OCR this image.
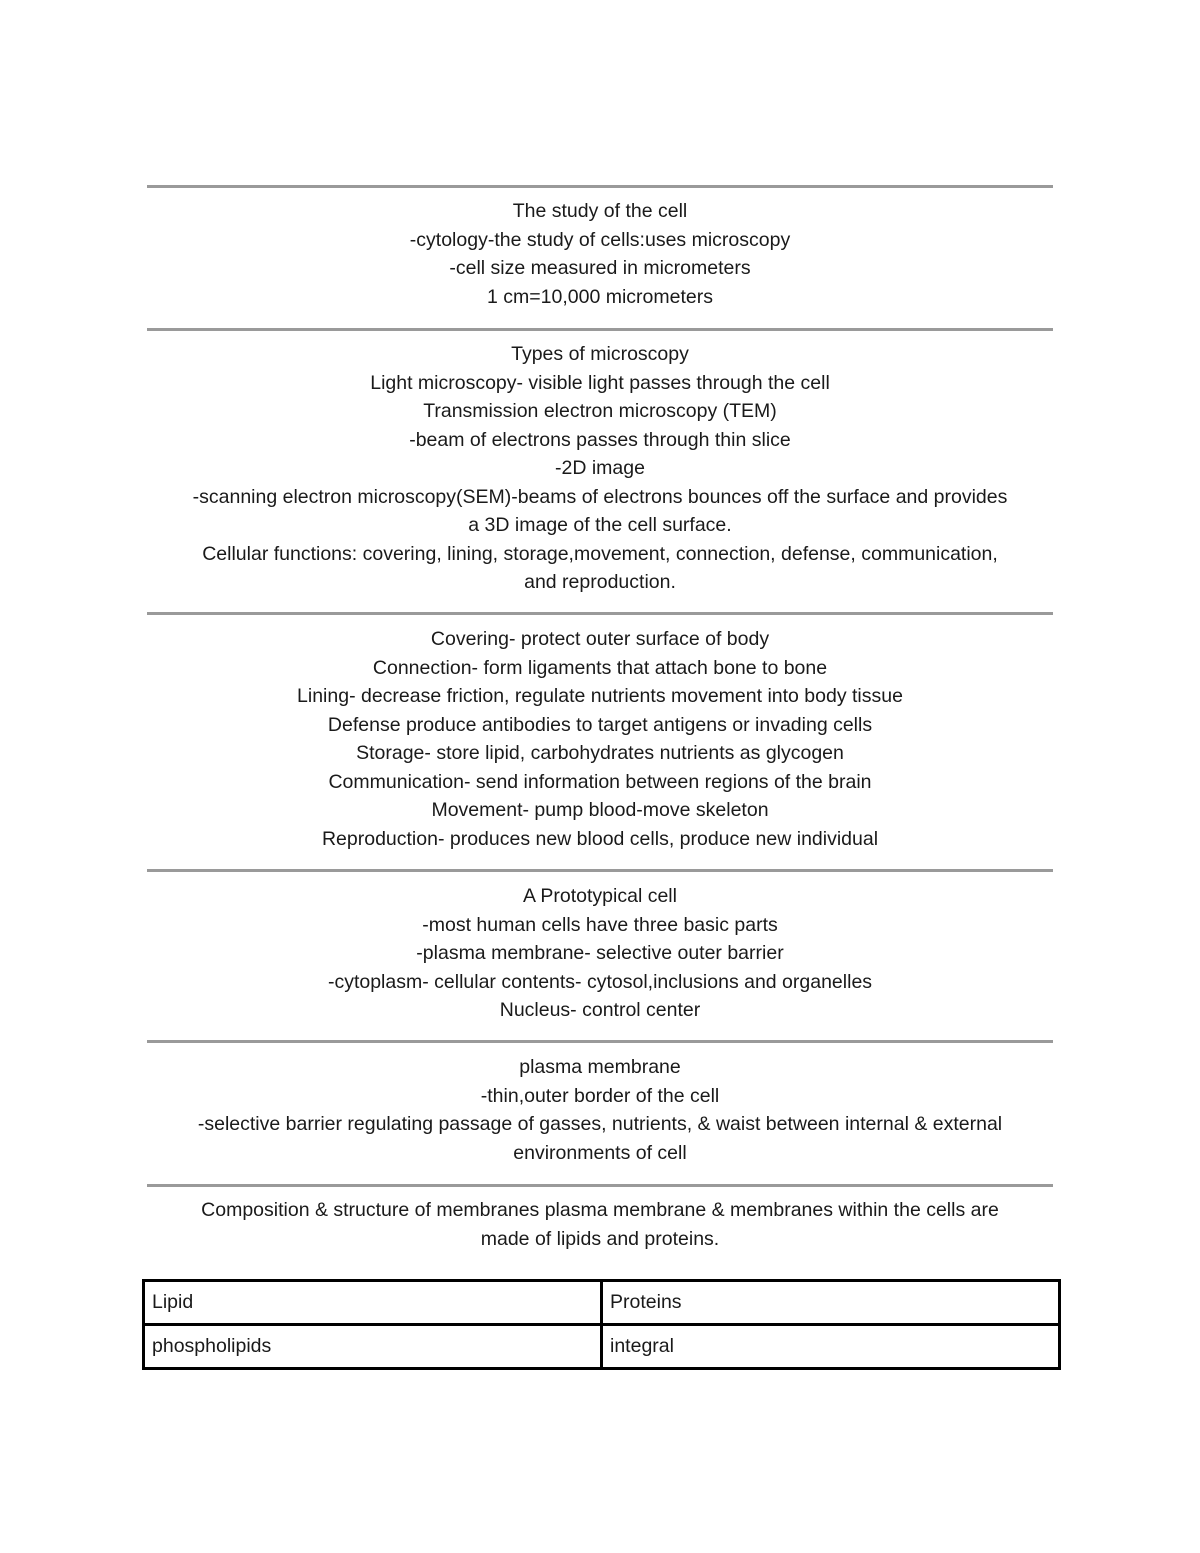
The study of the cell
-cytology-the study of cells:uses microscopy
-cell size measured in micrometers
1 cm=10,000 micrometers
Types of microscopy
Light microscopy- visible light passes through the cell
Transmission electron microscopy (TEM)
-beam of electrons passes through thin slice
-2D image
-scanning electron microscopy(SEM)-beams of electrons bounces off the surface and provides
a 3D image of the cell surface.
Cellular functions: covering, lining, storage,movement, connection, defense, communication,
and reproduction.
Covering- protect outer surface of body
Connection- form ligaments that attach bone to bone
Lining- decrease friction, regulate nutrients movement into body tissue
Defense produce antibodies to target antigens or invading cells
Storage- store lipid, carbohydrates nutrients as glycogen
Communication- send information between regions of the brain
Movement- pump blood-move skeleton
Reproduction- produces new blood cells, produce new individual
A Prototypical cell
-most human cells have three basic parts
-plasma membrane- selective outer barrier
-cytoplasm- cellular contents- cytosol,inclusions and organelles
Nucleus- control center
plasma membrane
-thin,outer border of the cell
-selective barrier regulating passage of gasses, nutrients, & waist between internal & external
environments of cell
Composition & structure of membranes plasma membrane & membranes within the cells are
made of lipids and proteins.
Lipid	Proteins
phospholipids	integral
